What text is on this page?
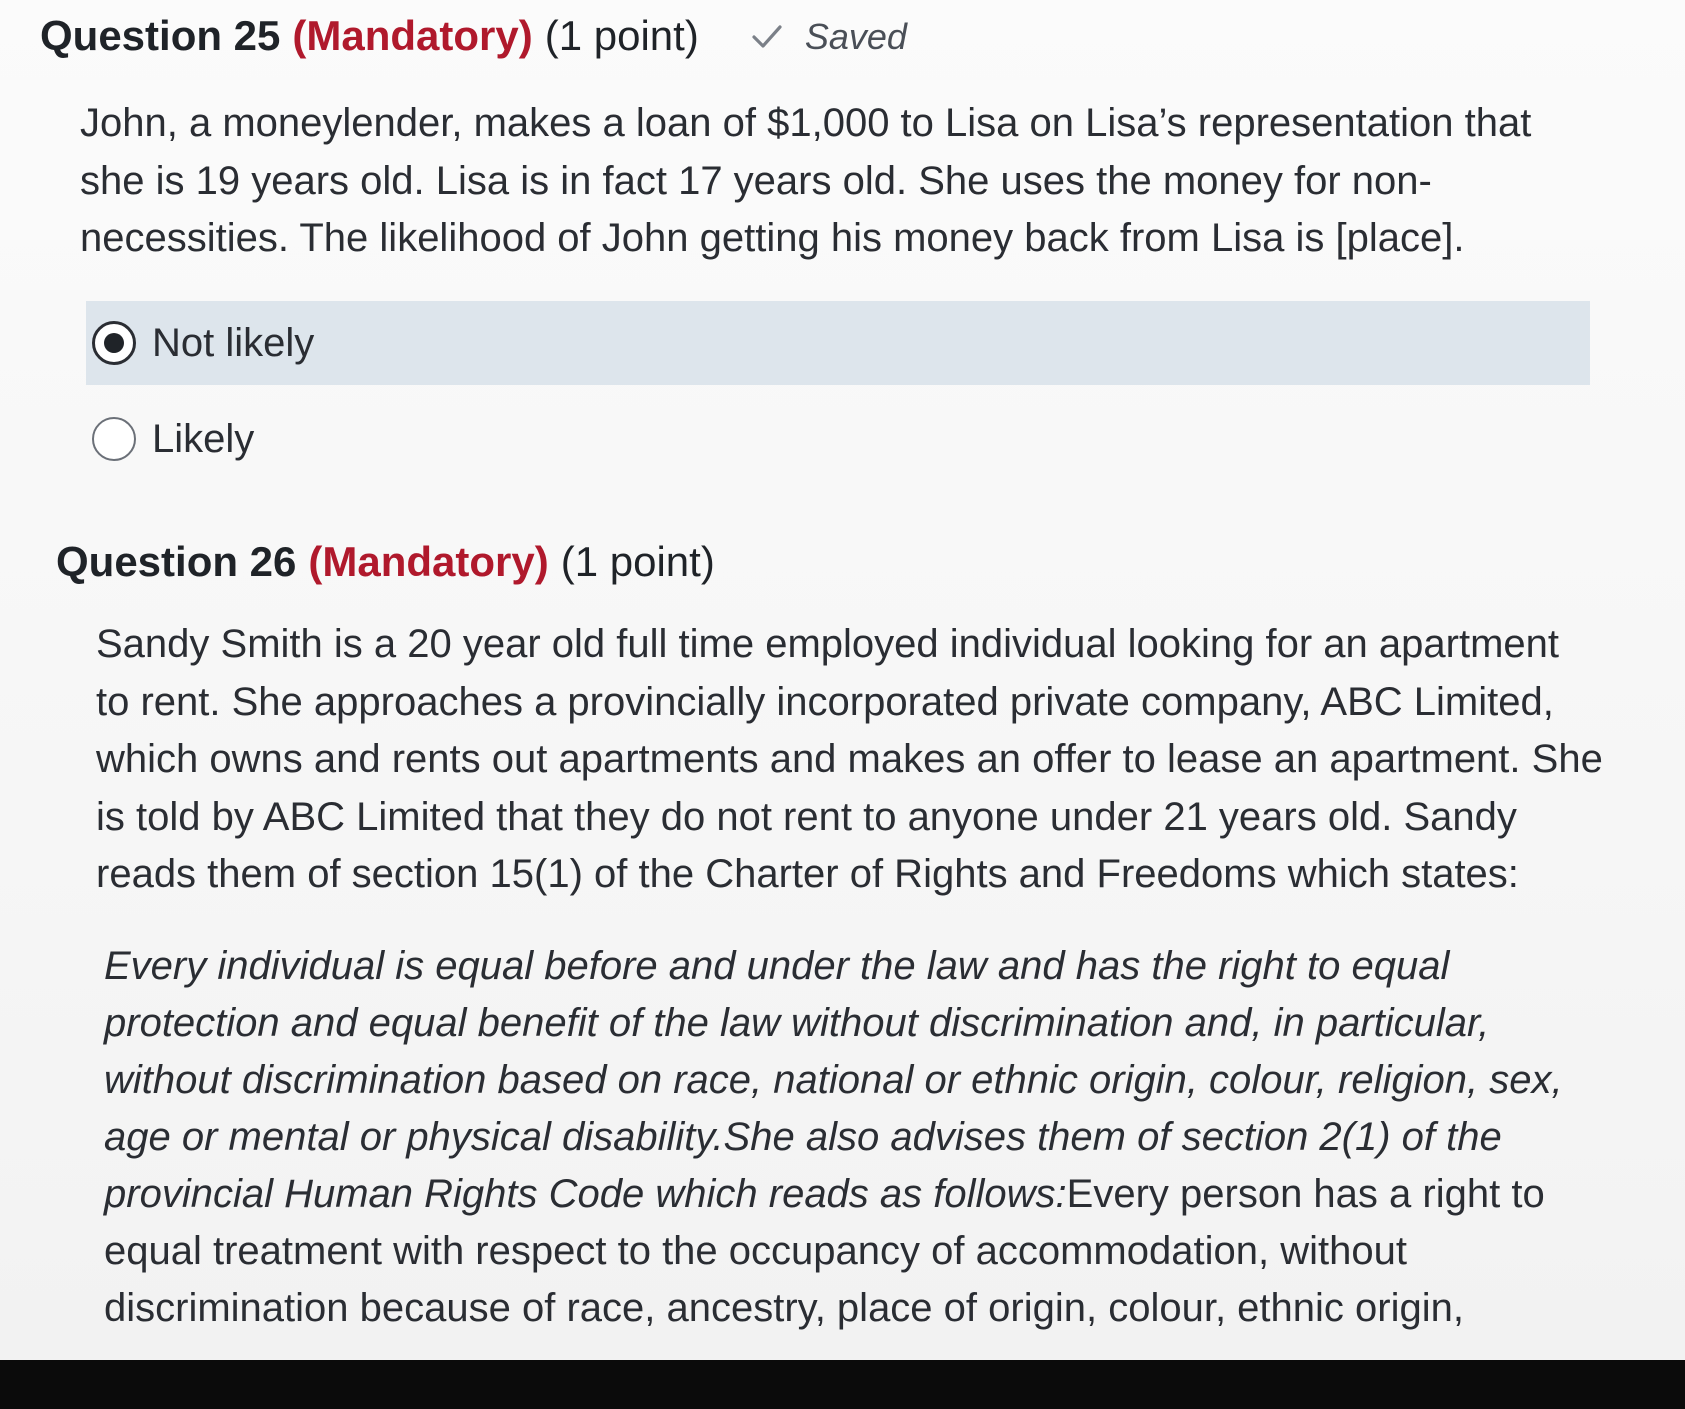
Question 25 (Mandatory) (1 point)	Saved
John, a moneylender, makes a loan of $1,000 to Lisa on Lisa’s representation that
she is 19 years old. Lisa is in fact 17 years old. She uses the money for non-
necessities. The likelihood of John getting his money back from Lisa is [place].
Not likely
Likely
Question 26 (Mandatory) (1 point)
Sandy Smith is a 20 year old full time employed individual looking for an apartment
to rent. She approaches a provincially incorporated private company, ABC Limited,
which owns and rents out apartments and makes an offer to lease an apartment. She
is told by ABC Limited that they do not rent to anyone under 21 years old. Sandy
reads them of section 15(1) of the Charter of Rights and Freedoms which states:
Every individual is equal before and under the law and has the right to equal
protection and equal benefit of the law without discrimination and, in particular,
without discrimination based on race, national or ethnic origin, colour, religion, sex,
age or mental or physical disability.She also advises them of section 2(1) of the
provincial Human Rights Code which reads as follows:Every person has a right to
equal treatment with respect to the occupancy of accommodation, without
discrimination because of race, ancestry, place of origin, colour, ethnic origin,
